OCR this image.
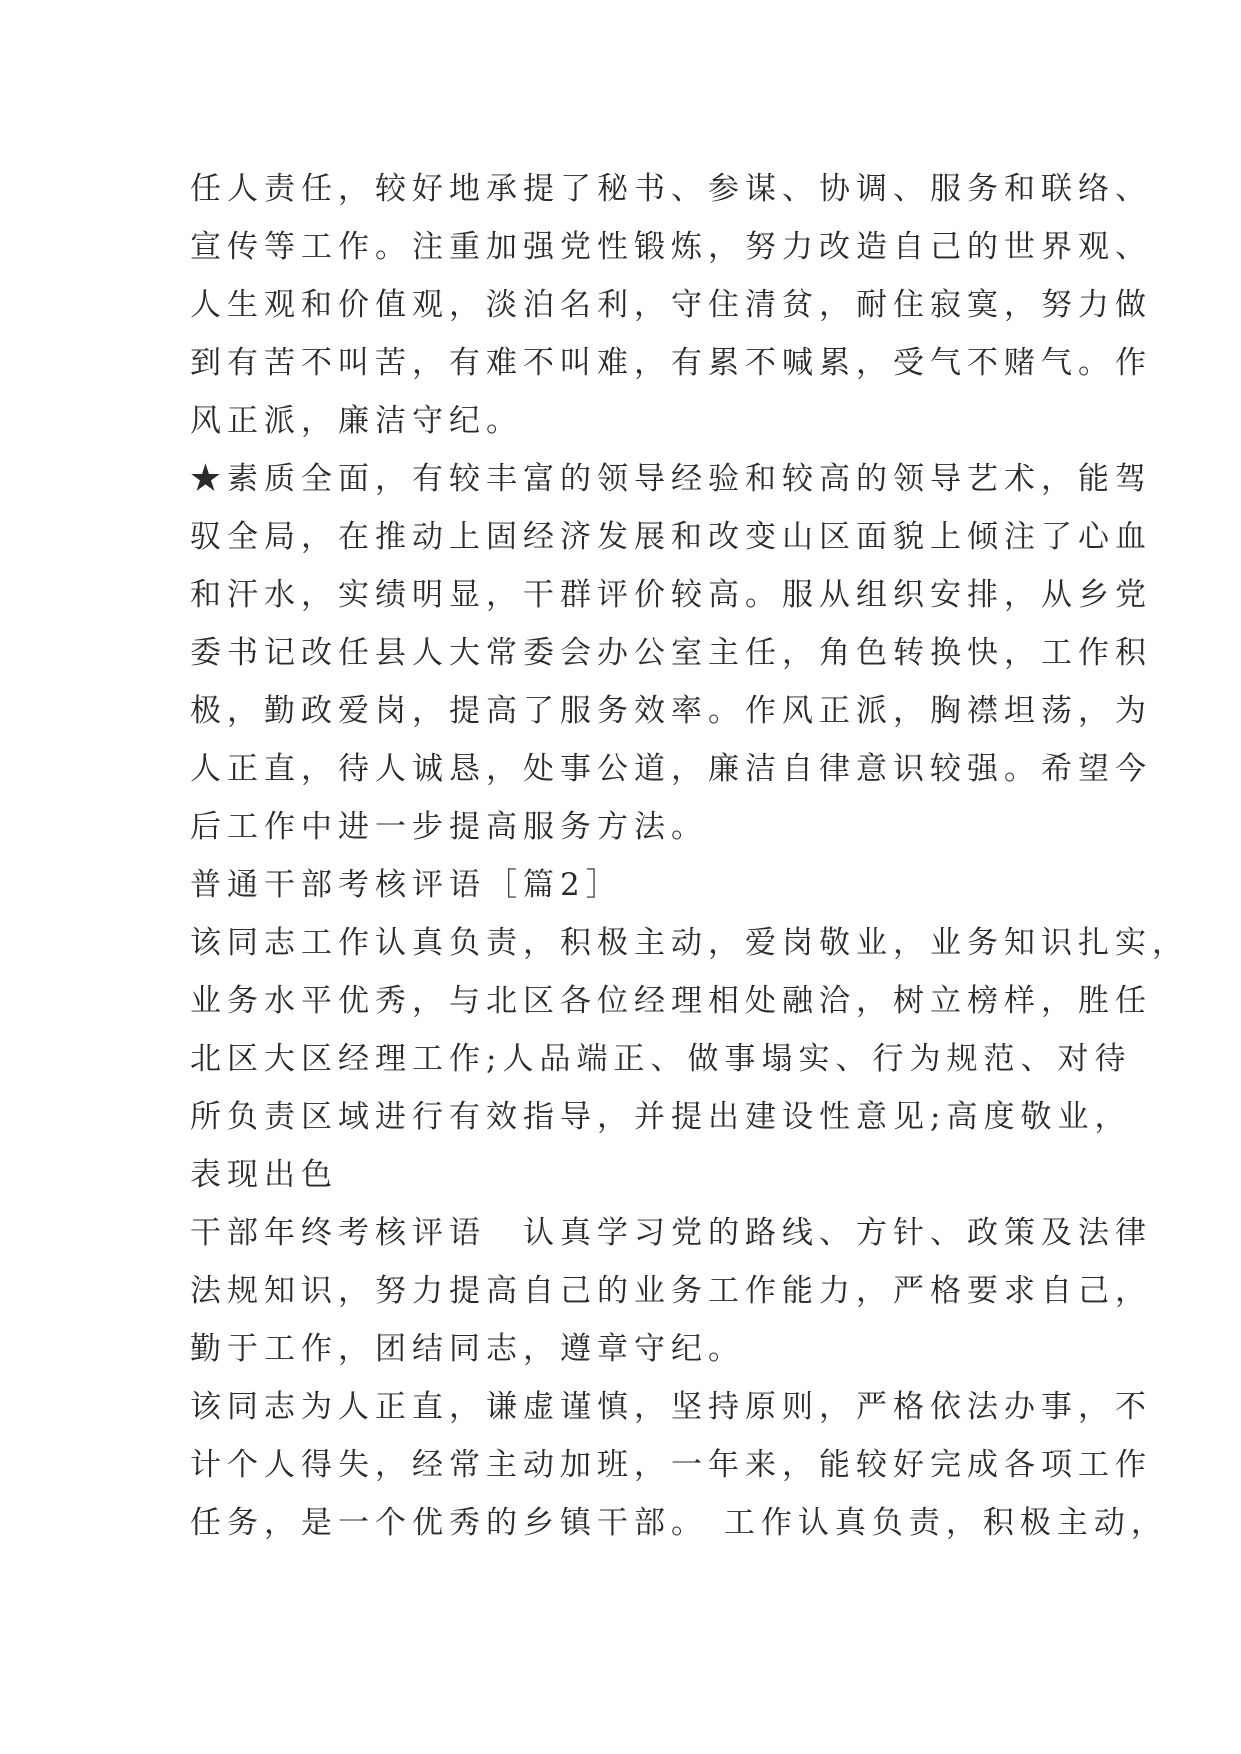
任人责任，较好地承提了秘书、参谋、协调、服务和联络、
宣传等工作。注重加强党性锻炼，努力改造自己的世界观、
人生观和价值观，淡泊名利，守住清贫，耐住寂寞，努力做
到有苦不叫苦，有难不叫难，有累不喊累，受气不赌气。作
风正派，廉洁守纪。
★素质全面，有较丰富的领导经验和较高的领导艺术，能驾
驭全局，在推动上固经济发展和改变山区面貌上倾注了心血
和汗水，实绩明显，干群评价较高。服从组织安排，从乡党
委书记改任县人大常委会办公室主任，角色转换快，工作积
极，勤政爱岗，提高了服务效率。作风正派，胸襟坦荡，为
人正直，待人诚恳，处事公道，廉洁自律意识较强。希望今
后工作中进一步提高服务方法。
普通干部考核评语［篇2］
该同志工作认真负责，积极主动，爱岗敬业，业务知识扎实，
业务水平优秀，与北区各位经理相处融洽，树立榜样，胜任
北区大区经理工作;人品端正、做事塌实、行为规范、对待
所负责区域进行有效指导，并提出建设性意见;高度敬业，
表现出色
干部年终考核评语　认真学习党的路线、方针、政策及法律
法规知识，努力提高自己的业务工作能力，严格要求自己，
勤于工作，团结同志，遵章守纪。
该同志为人正直，谦虚谨慎，坚持原则，严格依法办事，不
计个人得失，经常主动加班，一年来，能较好完成各项工作
任务，是一个优秀的乡镇干部。 工作认真负责，积极主动，
